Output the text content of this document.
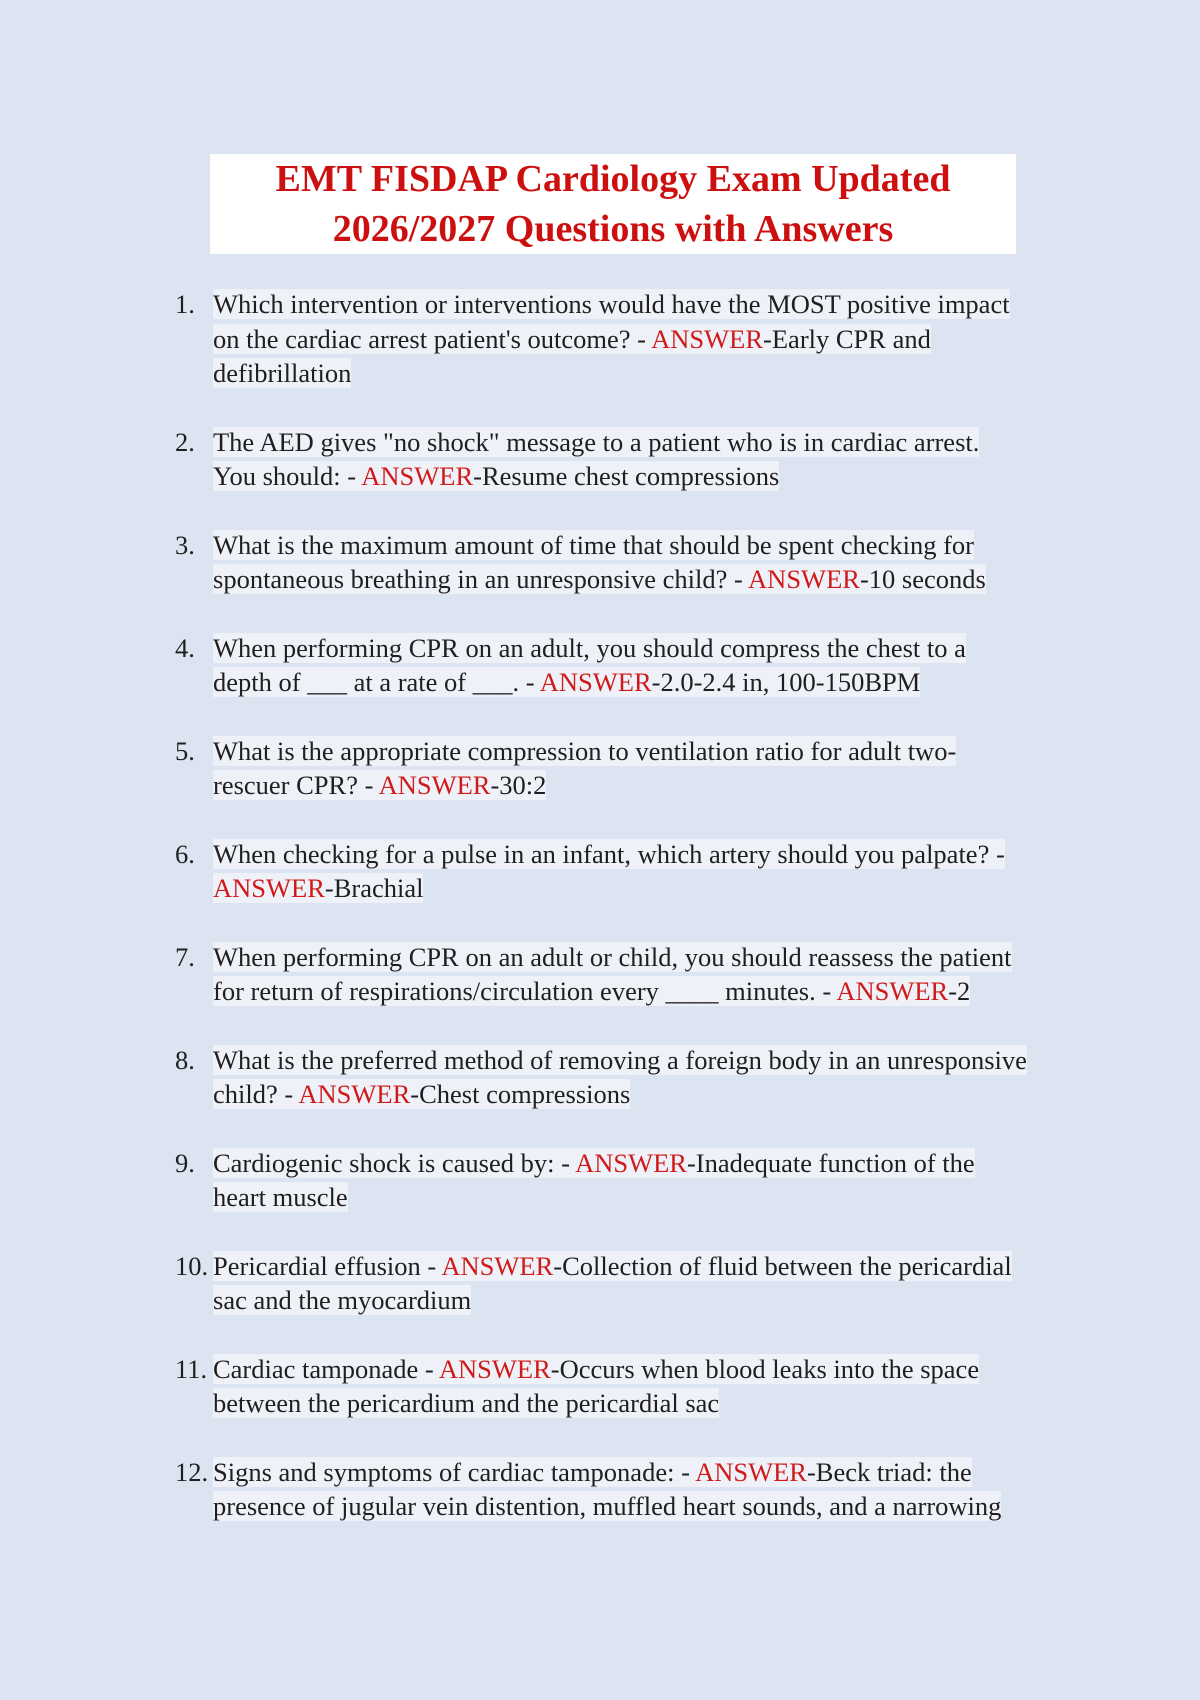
EMT FISDAP Cardiology Exam Updated
2026/2027 Questions with Answers
1. Which intervention or interventions would have the MOST positive impact
on the cardiac arrest patient's outcome? - ANSWER-Early CPR and
defibrillation
2. The AED gives "no shock" message to a patient who is in cardiac arrest.
You should: - ANSWER-Resume chest compressions
3. What is the maximum amount of time that should be spent checking for
spontaneous breathing in an unresponsive child? - ANSWER-10 seconds
4. When performing CPR on an adult, you should compress the chest to a
depth of ___ at a rate of ___. - ANSWER-2.0-2.4 in, 100-150BPM
5. What is the appropriate compression to ventilation ratio for adult two-
rescuer CPR? - ANSWER-30:2
6. When checking for a pulse in an infant, which artery should you palpate? -
ANSWER-Brachial
7. When performing CPR on an adult or child, you should reassess the patient
for return of respirations/circulation every ____ minutes. - ANSWER-2
8. What is the preferred method of removing a foreign body in an unresponsive
child? - ANSWER-Chest compressions
9. Cardiogenic shock is caused by: - ANSWER-Inadequate function of the
heart muscle
10. Pericardial effusion - ANSWER-Collection of fluid between the pericardial
sac and the myocardium
11. Cardiac tamponade - ANSWER-Occurs when blood leaks into the space
between the pericardium and the pericardial sac
12. Signs and symptoms of cardiac tamponade: - ANSWER-Beck triad: the
presence of jugular vein distention, muffled heart sounds, and a narrowing
